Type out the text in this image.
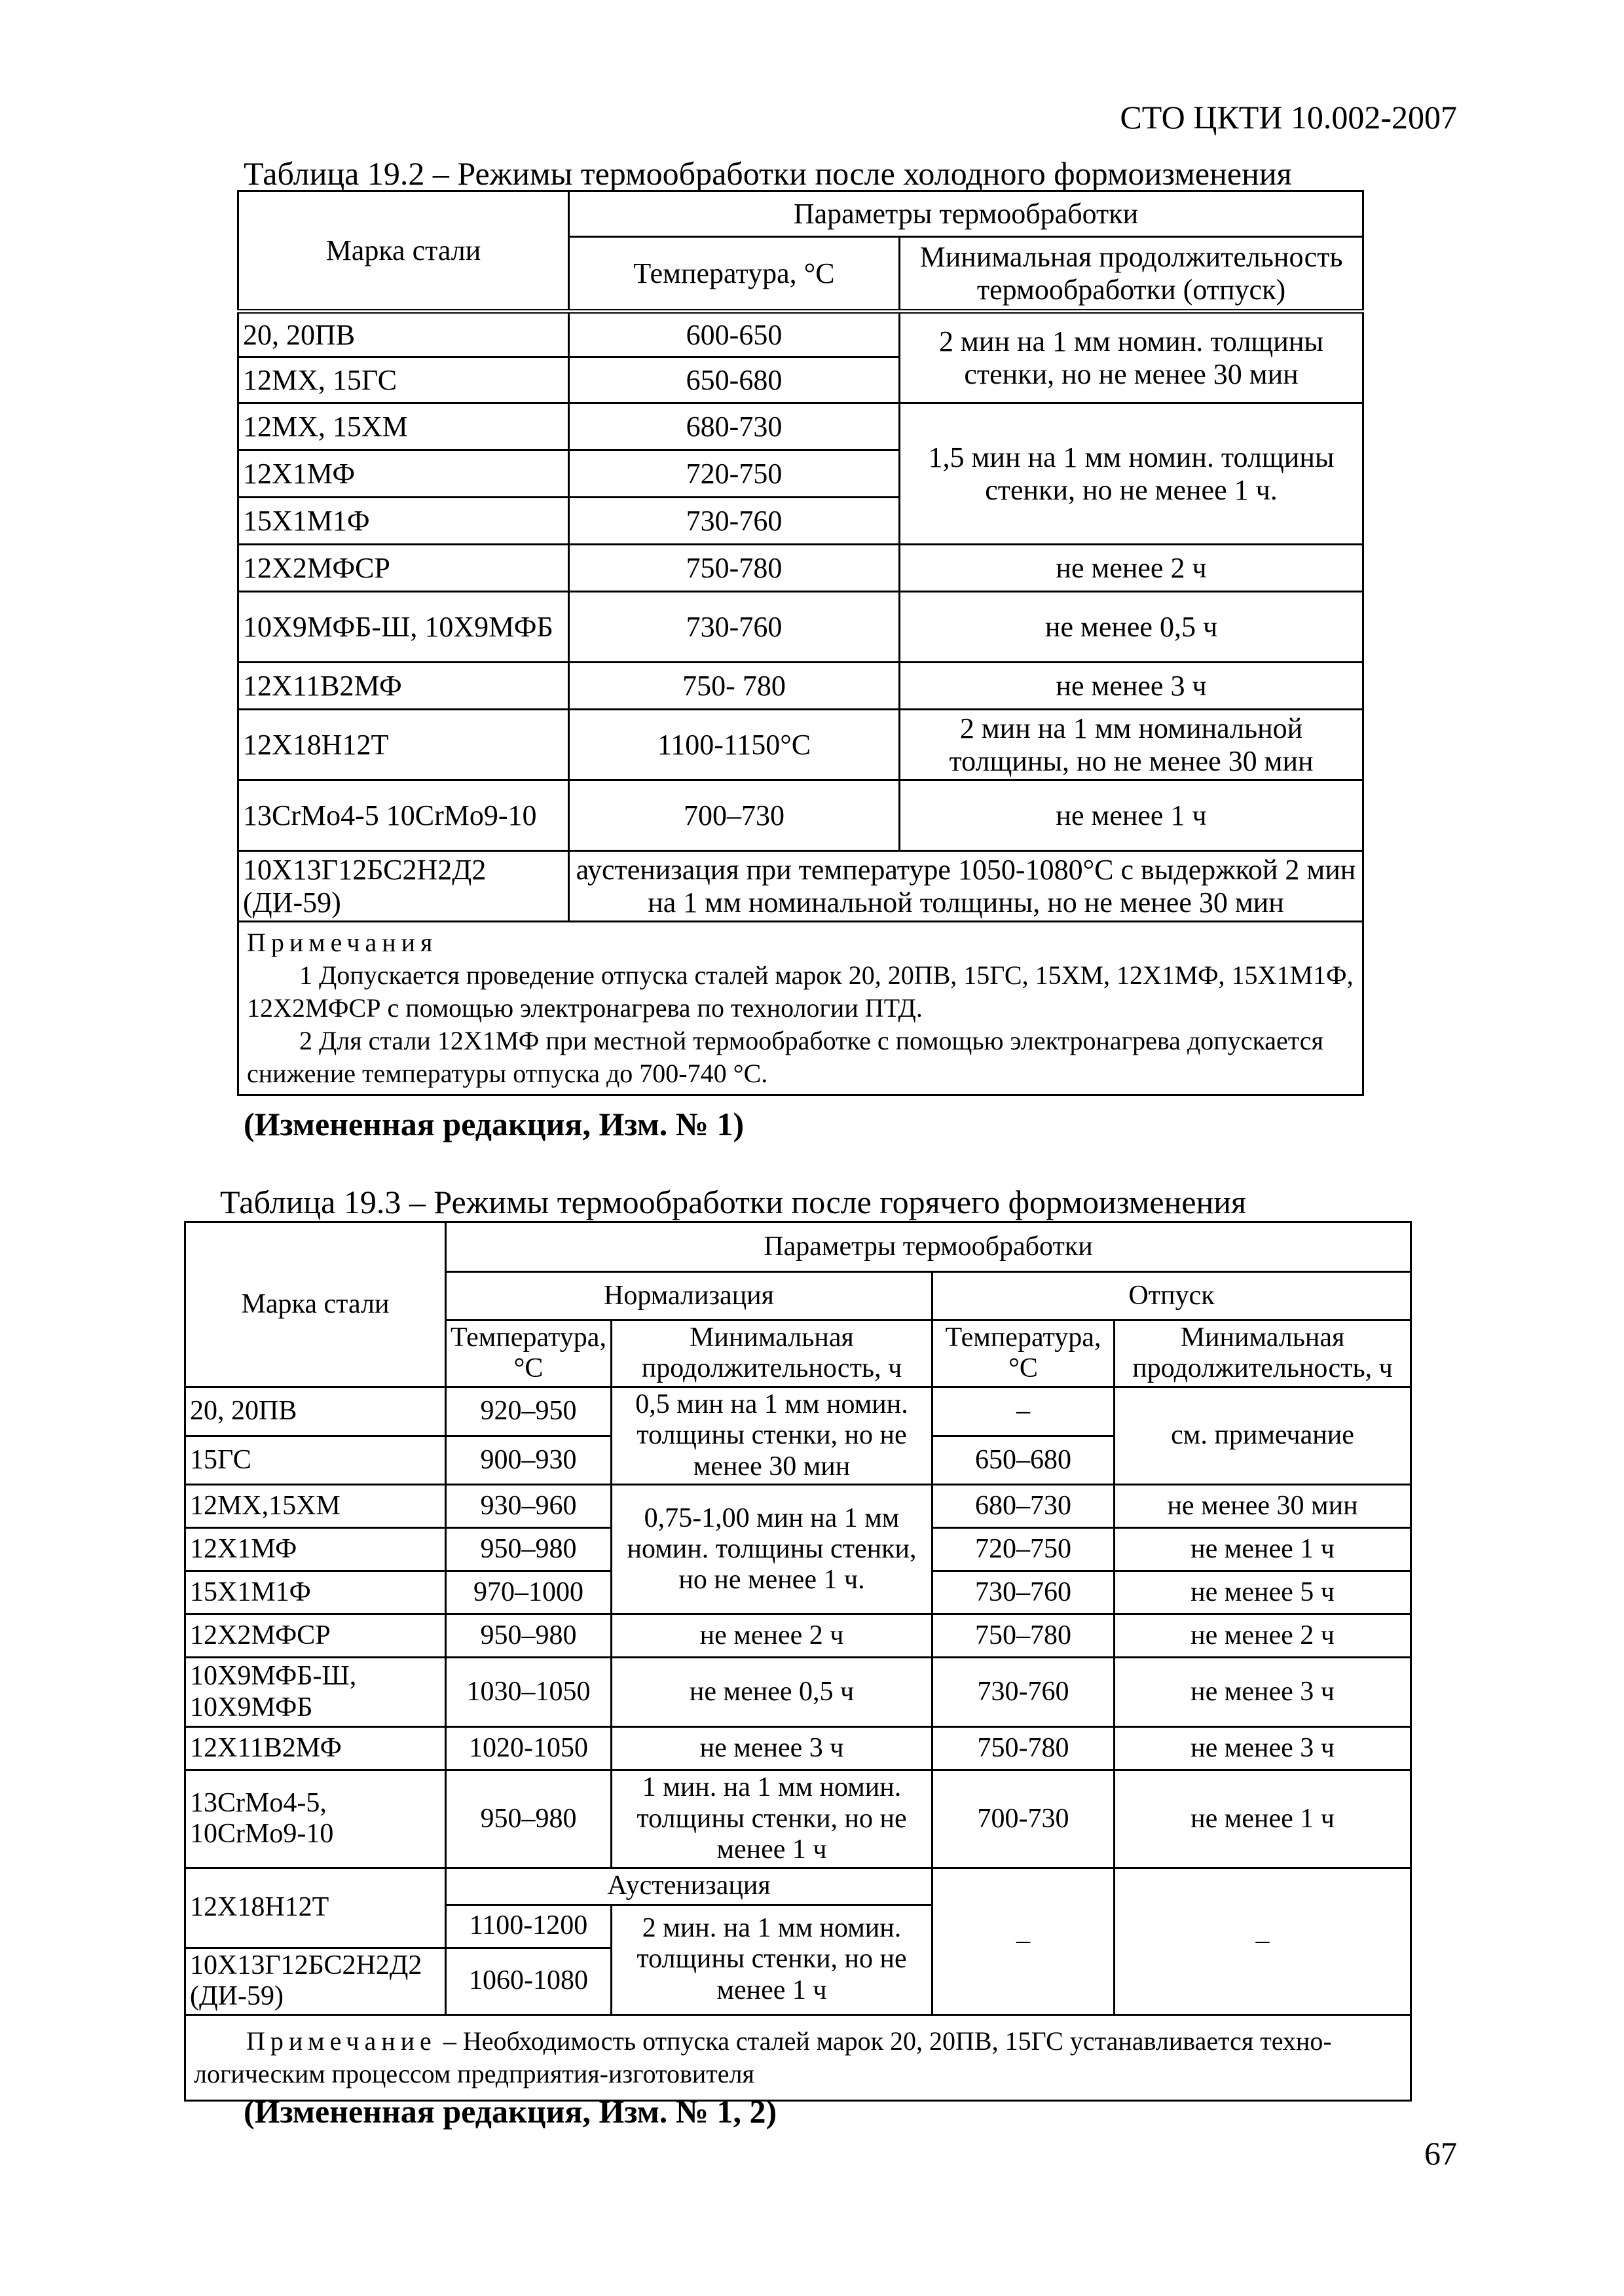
СТО ЦКТИ 10.002-2007
Таблица 19.2 – Режимы термообработки после холодного формоизменения
Марка стали	Параметры термообработки	
	Температура, °С	Минимальная продолжительность термообработки (отпуск)
20, 20ПВ	600-650	2 мин на 1 мм номин. толщины стенки, но не менее 30 мин
12МХ, 15ГС	650-680	
12МХ, 15ХМ	680-730	1,5 мин на 1 мм номин. толщины стенки, но не менее 1 ч.
12Х1МФ	720-750	
15Х1М1Ф	730-760	
12Х2МФСР	750-780	не менее 2 ч
10Х9МФБ-Ш, 10Х9МФБ	730-760	не менее 0,5 ч
12Х11В2МФ	750- 780	не менее 3 ч
12Х18Н12Т	1100-1150°С	2 мин на 1 мм номинальной толщины, но не менее 30 мин
13CrMo4-5 10CrMo9-10	700–730	не менее 1 ч
10Х13Г12БС2Н2Д2 (ДИ-59)	аустенизация при температуре 1050-1080°С с выдержкой 2 мин на 1 мм номинальной толщины, но не менее 30 мин	

Примечания

1 Допускается проведение отпуска сталей марок 20, 20ПВ, 15ГС, 15ХМ, 12Х1МФ, 15Х1М1Ф, 12Х2МФСР с помощью электронагрева по технологии ПТД.

2 Для стали 12Х1МФ при местной термообработке с помощью электронагрева допускается снижение температуры отпуска до 700-740 °С.		

(Измененная редакция, Изм. № 1)
Таблица 19.3 – Режимы термообработки после горячего формоизменения
Марка стали	Параметры термообработки			
	Нормализация		Отпуск	
	Температура, °С	Минимальная продолжительность, ч	Температура, °С	Минимальная продолжительность, ч
20, 20ПВ	920–950	0,5 мин на 1 мм номин. толщины стенки, но не менее 30 мин	–	см. примечание
15ГС	900–930		650–680	
12МХ,15ХМ	930–960	0,75-1,00 мин на 1 мм номин. толщины стенки, но не менее 1 ч.	680–730	не менее 30 мин
12Х1МФ	950–980		720–750	не менее 1 ч
15Х1М1Ф	970–1000		730–760	не менее 5 ч
12Х2МФСР	950–980	не менее 2 ч	750–780	не менее 2 ч
10Х9МФБ-Ш, 10Х9МФБ	1030–1050	не менее 0,5 ч	730-760	не менее 3 ч
12Х11В2МФ	1020-1050	не менее 3 ч	750-780	не менее 3 ч
13CrMo4-5, 10CrMo9-10	950–980	1 мин. на 1 мм номин. толщины стенки, но не менее 1 ч	700-730	не менее 1 ч
12Х18Н12Т	Аустенизация		–	–
	1100-1200	2 мин. на 1 мм номин. толщины стенки, но не менее 1 ч		
10Х13Г12БС2Н2Д2 (ДИ-59)	1060-1080			

Примечание – Необходимость отпуска сталей марок 20, 20ПВ, 15ГС устанавливается технологическим процессом предприятия-изготовителя				

(Измененная редакция, Изм. № 1, 2)
67
